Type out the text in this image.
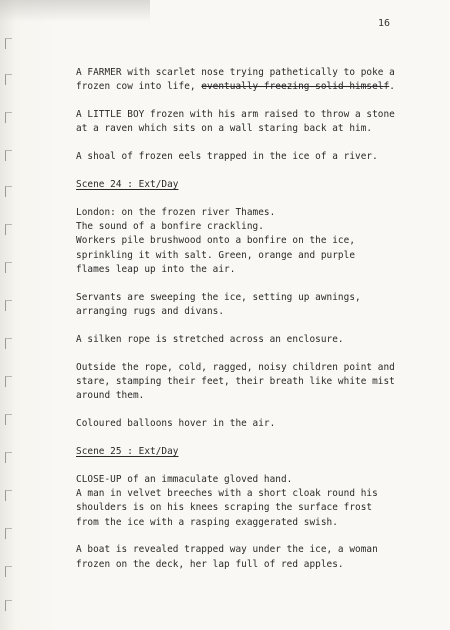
16

A FARMER with scarlet nose trying pathetically to poke a
frozen cow into life, eventually freezing solid himself.

A LITTLE BOY frozen with his arm raised to throw a stone
at a raven which sits on a wall staring back at him.

A shoal of frozen eels trapped in the ice of a river.

Scene 24 : Ext/Day

London: on the frozen river Thames.
The sound of a bonfire crackling.
Workers pile brushwood onto a bonfire on the ice,
sprinkling it with salt. Green, orange and purple
flames leap up into the air.

Servants are sweeping the ice, setting up awnings,
arranging rugs and divans.

A silken rope is stretched across an enclosure.

Outside the rope, cold, ragged, noisy children point and
stare, stamping their feet, their breath like white mist
around them.

Coloured balloons hover in the air.

Scene 25 : Ext/Day

CLOSE-UP of an immaculate gloved hand.
A man in velvet breeches with a short cloak round his
shoulders is on his knees scraping the surface frost
from the ice with a rasping exaggerated swish.

A boat is revealed trapped way under the ice, a woman
frozen on the deck, her lap full of red apples.
